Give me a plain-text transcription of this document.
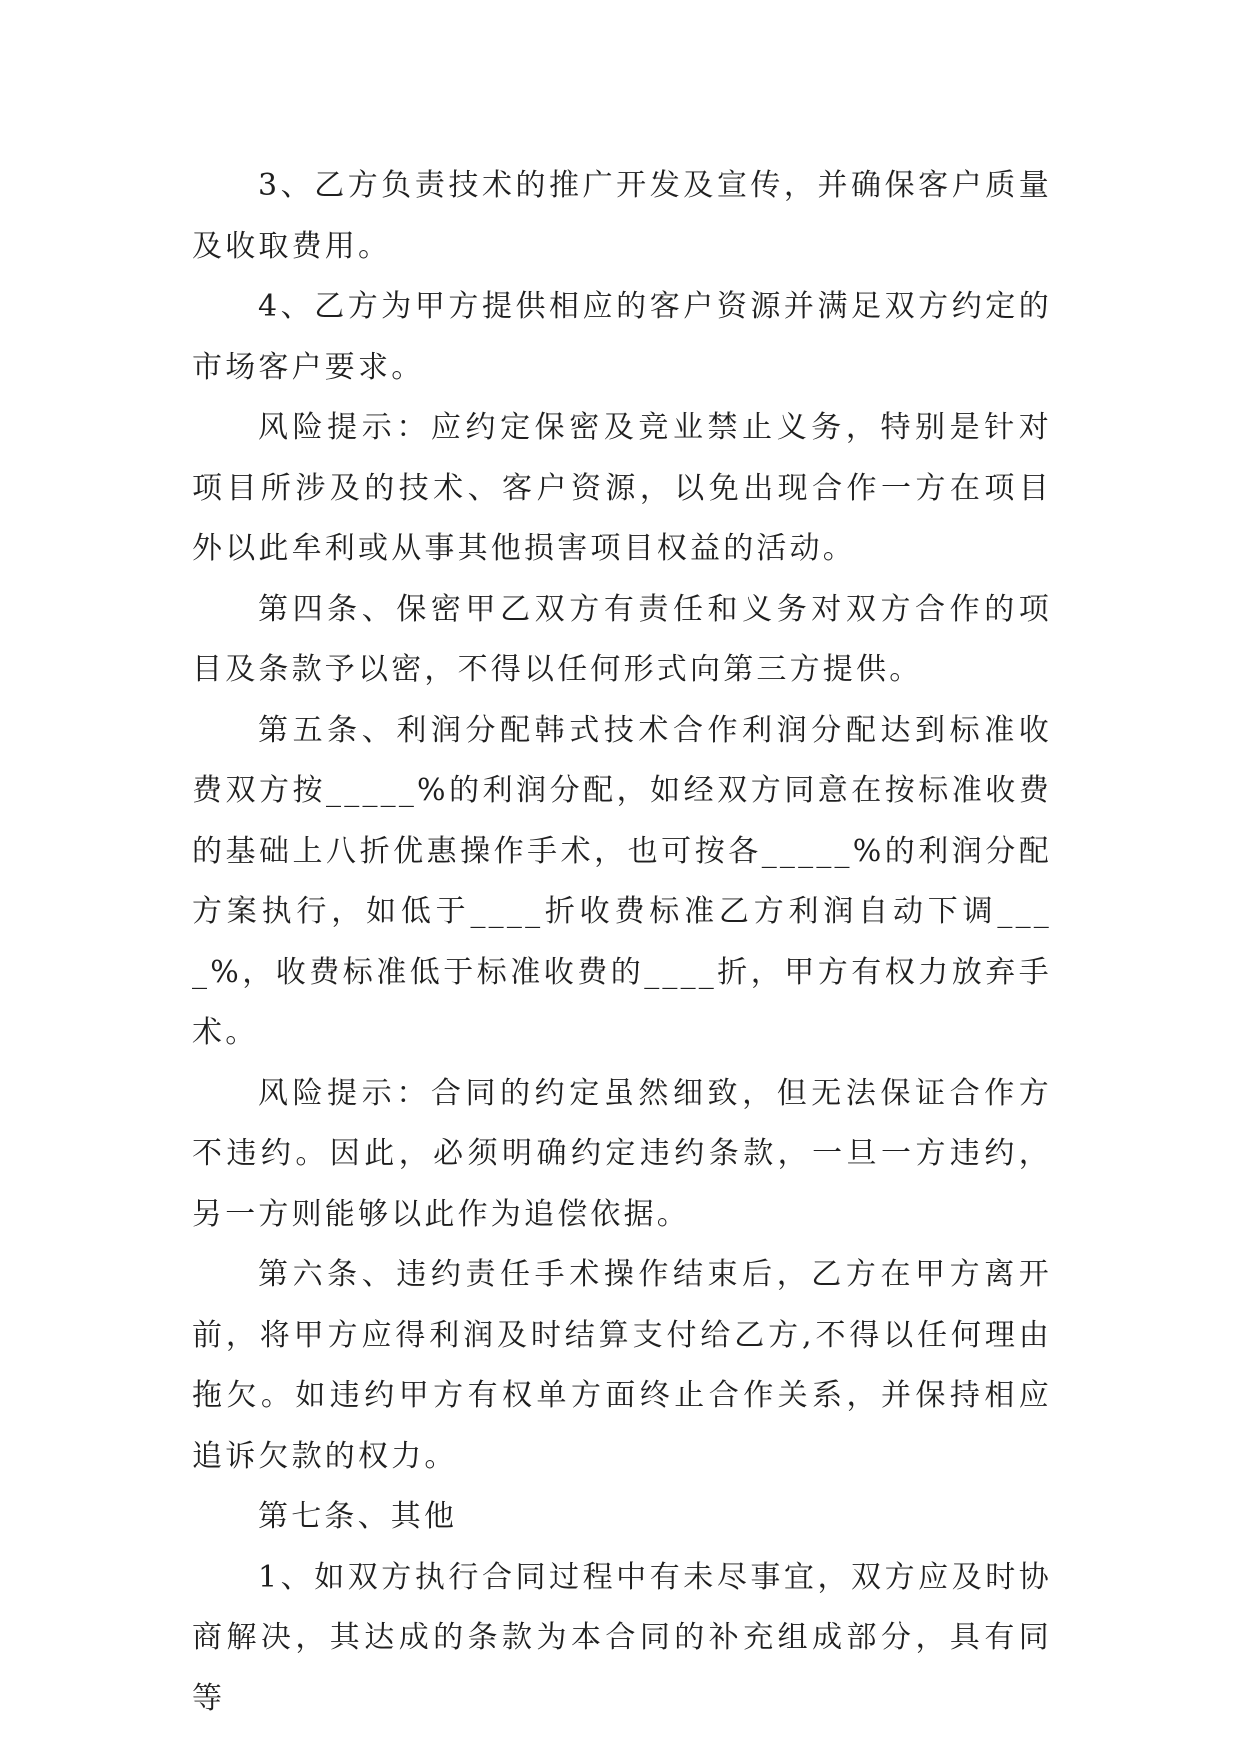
3、乙方负责技术的推广开发及宣传，并确保客户质量及收取费用。

4、乙方为甲方提供相应的客户资源并满足双方约定的市场客户要求。

风险提示：应约定保密及竞业禁止义务，特别是针对项目所涉及的技术、客户资源，以免出现合作一方在项目外以此牟利或从事其他损害项目权益的活动。

第四条、保密甲乙双方有责任和义务对双方合作的项目及条款予以密，不得以任何形式向第三方提供。

第五条、利润分配韩式技术合作利润分配达到标准收费双方按_____%的利润分配，如经双方同意在按标准收费的基础上八折优惠操作手术，也可按各_____%的利润分配方案执行，如低于____折收费标准乙方利润自动下调____%，收费标准低于标准收费的____折，甲方有权力放弃手术。

风险提示：合同的约定虽然细致，但无法保证合作方不违约。因此，必须明确约定违约条款，一旦一方违约，另一方则能够以此作为追偿依据。

第六条、违约责任手术操作结束后，乙方在甲方离开前，将甲方应得利润及时结算支付给乙方,不得以任何理由拖欠。如违约甲方有权单方面终止合作关系，并保持相应追诉欠款的权力。

第七条、其他

1、如双方执行合同过程中有未尽事宜，双方应及时协商解决，其达成的条款为本合同的补充组成部分，具有同等
